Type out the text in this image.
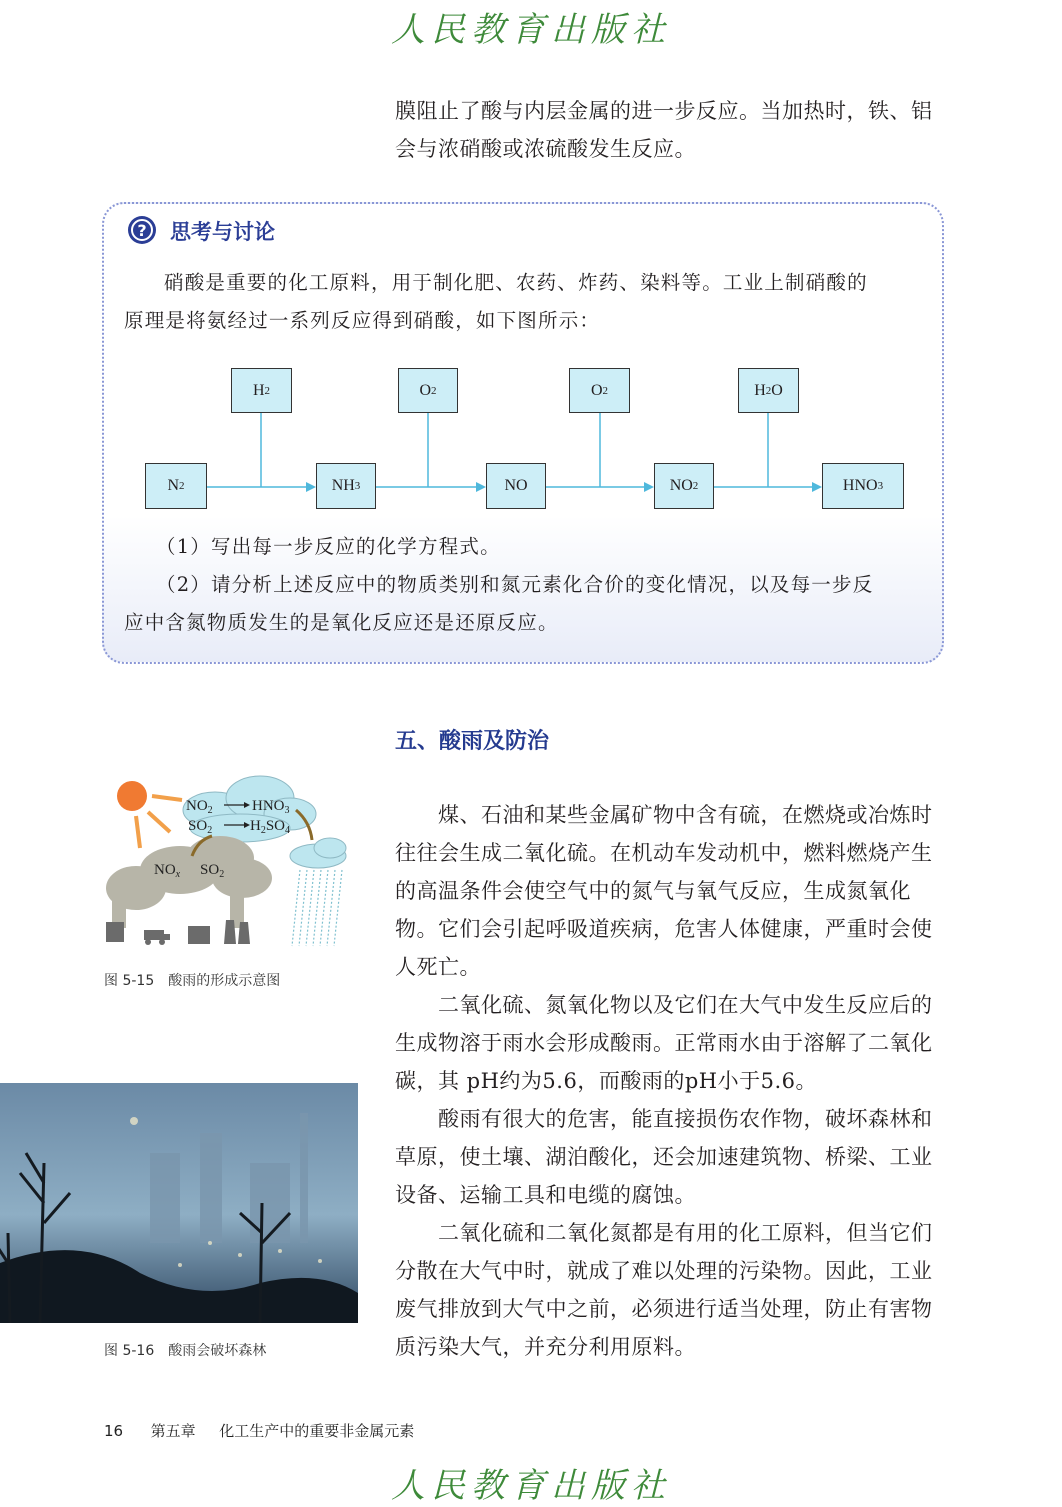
人民教育出版社
膜阻止了酸与内层金属的进一步反应。当加热时，铁、铝
会与浓硝酸或浓硫酸发生反应。
? 思考与讨论
硝酸是重要的化工原料，用于制化肥、农药、炸药、染料等。工业上制硝酸的
原理是将氨经过一系列反应得到硝酸，如下图所示：
H 2	O 2	O 2	H 2 O
N 2	NH 3	NO	NO 2	HNO 3
（1）写出每一步反应的化学方程式。
（2）请分析上述反应中的物质类别和氮元素化合价的变化情况，以及每一步反
应中含氮物质发生的是氧化反应还是还原反应。
五、酸雨及防治
　　煤、石油和某些金属矿物中含有硫，在燃烧或冶炼时
往往会生成二氧化硫。在机动车发动机中，燃料燃烧产生
的高温条件会使空气中的氮气与氧气反应，生成氮氧化
物。它们会引起呼吸道疾病，危害人体健康，严重时会使
人死亡。
　　二氧化硫、氮氧化物以及它们在大气中发生反应后的
生成物溶于雨水会形成酸雨。正常雨水由于溶解了二氧化
碳，其 pH约为5.6，而酸雨的pH小于5.6。
　　酸雨有很大的危害，能直接损伤农作物，破坏森林和
草原，使土壤、湖泊酸化，还会加速建筑物、桥梁、工业
设备、运输工具和电缆的腐蚀。
　　二氧化硫和二氧化氮都是有用的化工原料，但当它们
分散在大气中时，就成了难以处理的污染物。因此，工业
废气排放到大气中之前，必须进行适当处理，防止有害物
质污染大气，并充分利用原料。
$NO_2$	$HNO_3$
$SO_2$	$H_2SO_4$
$NO_x$ $SO_2$
图 5-15　酸雨的形成示意图
图 5-16　酸雨会破坏森林
16 第五章 化工生产中的重要非金属元素
人民教育出版社
